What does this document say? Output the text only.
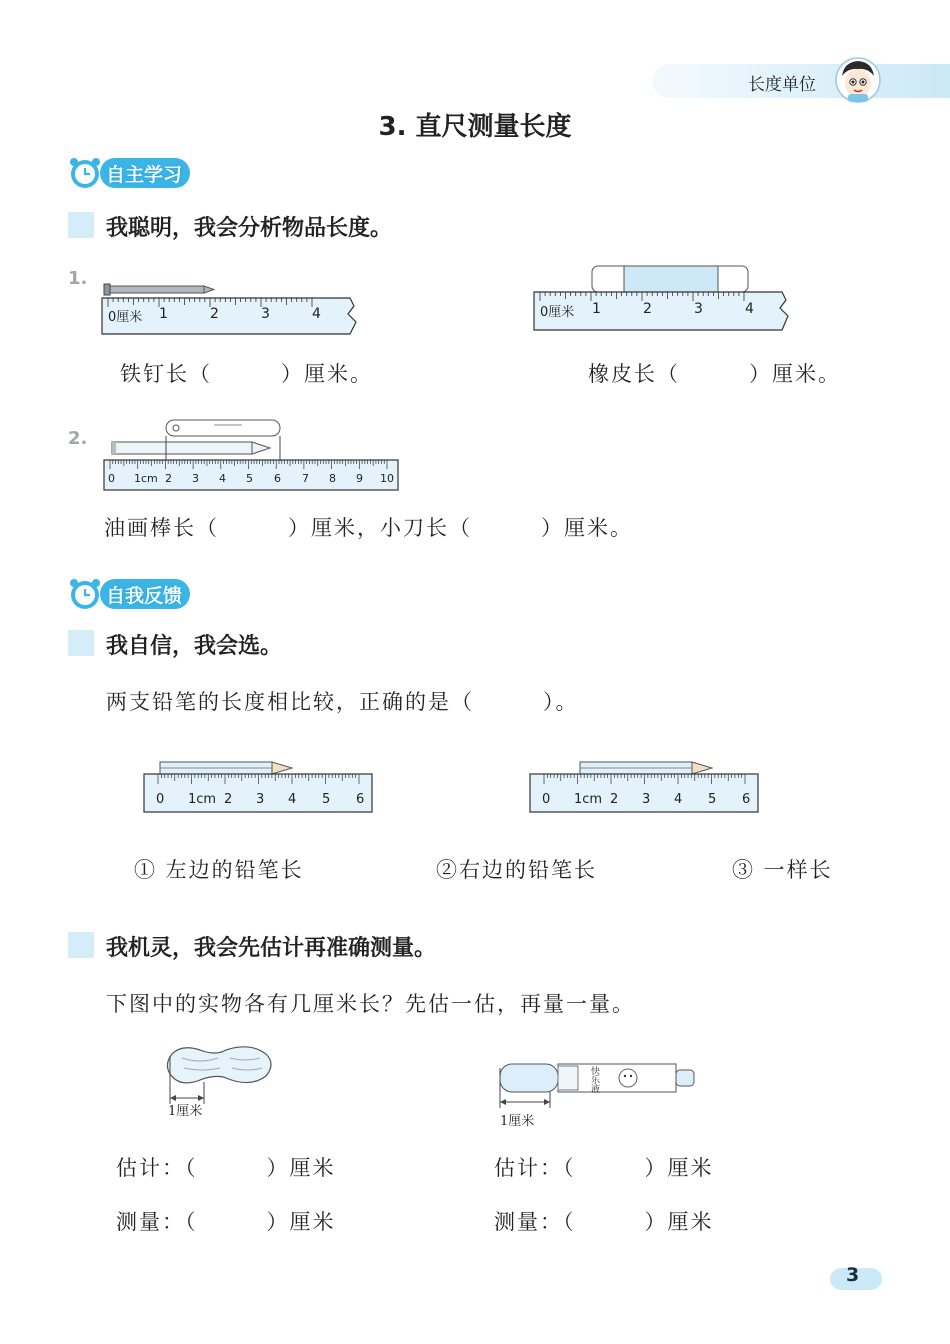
长度单位
3. 直尺测量长度
自主学习
我聪明，我会分析物品长度。
1.
0厘米 1	2	3	4	0厘米 1	2	3	4
铁钉长（　　　）厘米。	橡皮长（　　　）厘米。
2.
0 1cm 2 3 4 5 6 7 8 9 10
油画棒长（　　　）厘米，小刀长（　　　）厘米。
自我反馈
我自信，我会选。
两支铅笔的长度相比较，正确的是（　　　）。
0 1cm 2 3 4 5 6	0 1cm 2 3 4 5 6
① 左边的铅笔长	②右边的铅笔长	③ 一样长
我机灵，我会先估计再准确测量。
下图中的实物各有几厘米长？先估一估，再量一量。
1厘米
快乐液
1厘米
估计：（　　　）厘米
测量：（　　　）厘米
估计：（　　　）厘米
测量：（　　　）厘米
3
